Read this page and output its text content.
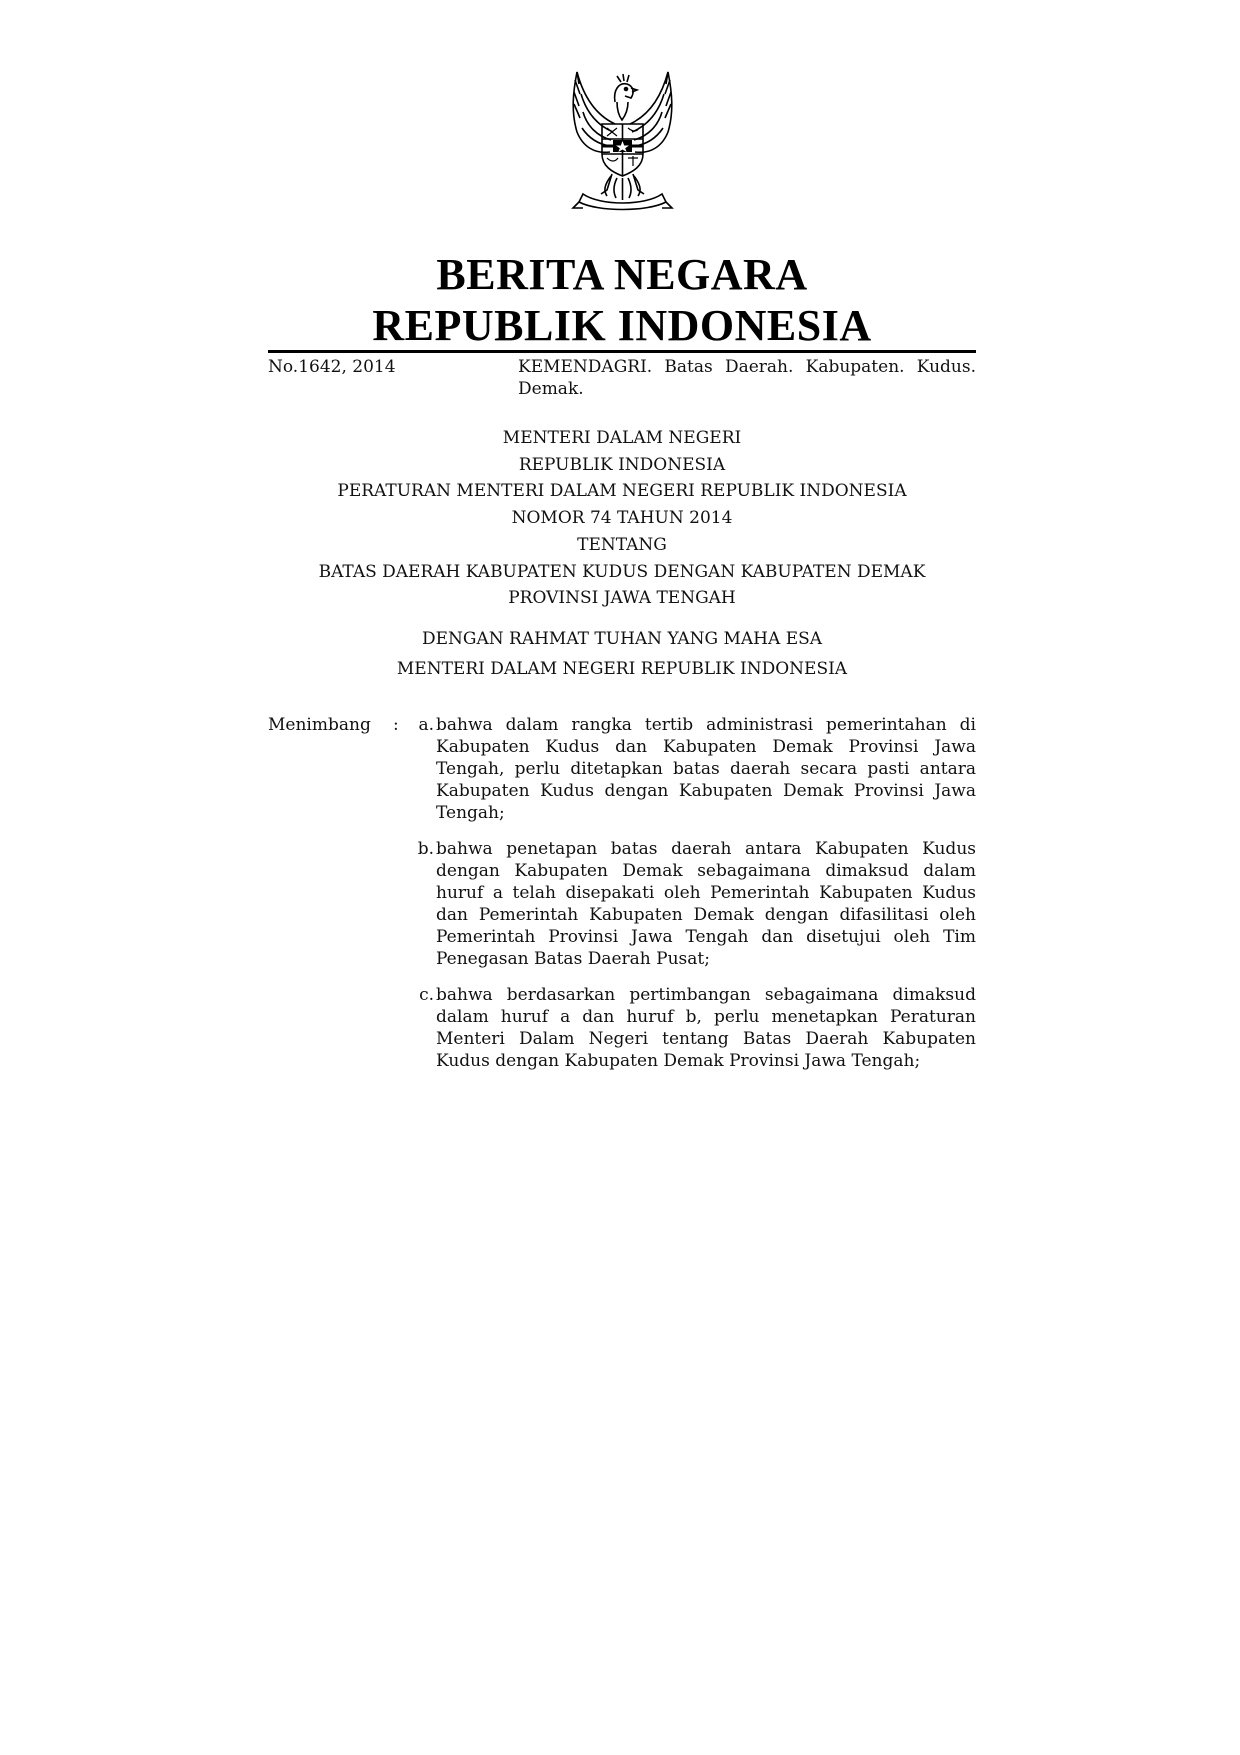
BERITA NEGARA
REPUBLIK INDONESIA
No.1642, 2014	KEMENDAGRI. Batas Daerah. Kabupaten. Kudus. Demak.
MENTERI DALAM NEGERI
REPUBLIK INDONESIA
PERATURAN MENTERI DALAM NEGERI REPUBLIK INDONESIA
NOMOR 74 TAHUN 2014
TENTANG
BATAS DAERAH KABUPATEN KUDUS DENGAN KABUPATEN DEMAK
PROVINSI JAWA TENGAH
DENGAN RAHMAT TUHAN YANG MAHA ESA
MENTERI DALAM NEGERI REPUBLIK INDONESIA
Menimbang	:	a. bahwa dalam rangka tertib administrasi pemerintahan di Kabupaten Kudus dan Kabupaten Demak Provinsi Jawa Tengah, perlu ditetapkan batas daerah secara pasti antara Kabupaten Kudus dengan Kabupaten Demak Provinsi Jawa Tengah;
b. bahwa penetapan batas daerah antara Kabupaten Kudus dengan Kabupaten Demak sebagaimana dimaksud dalam huruf a telah disepakati oleh Pemerintah Kabupaten Kudus dan Pemerintah Kabupaten Demak dengan difasilitasi oleh Pemerintah Provinsi Jawa Tengah dan disetujui oleh Tim Penegasan Batas Daerah Pusat;
c. bahwa berdasarkan pertimbangan sebagaimana dimaksud dalam huruf a dan huruf b, perlu menetapkan Peraturan Menteri Dalam Negeri tentang Batas Daerah Kabupaten Kudus dengan Kabupaten Demak Provinsi Jawa Tengah;
